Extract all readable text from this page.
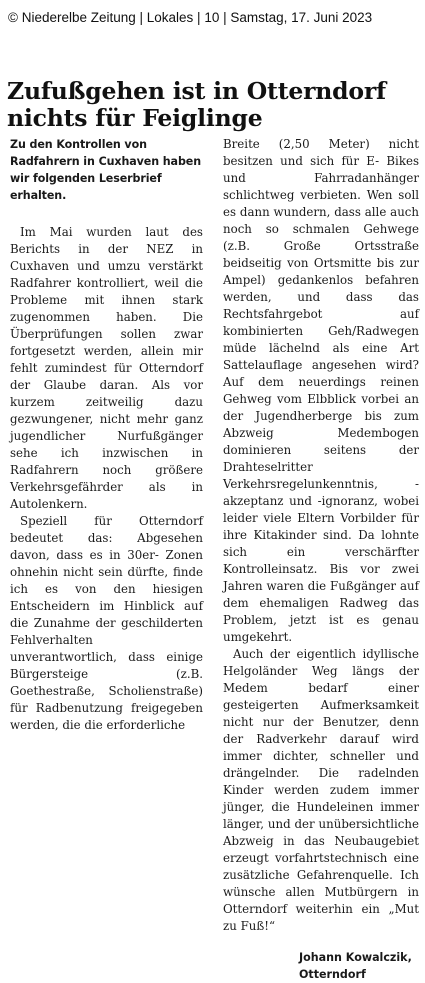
© Niederelbe Zeitung | Lokales | 10 | Samstag, 17. Juni 2023
Zufußgehen ist in Otterndorf nichts für Feiglinge

Zu den Kontrollen von Radfahrern in Cuxhaven haben wir folgenden Leserbrief erhalten.

Im Mai wurden laut des Berichts in der NEZ in Cuxhaven und umzu verstärkt Radfahrer kontrolliert, weil die Probleme mit ihnen stark zugenommen haben. Die Überprüfungen sollen zwar fortgesetzt werden, allein mir fehlt zumindest für Otterndorf der Glaube daran. Als vor kurzem zeitweilig dazu gezwungener, nicht mehr ganz jugendlicher Nurfußgänger sehe ich inzwischen in Radfahrern noch größere Verkehrsgefährder als in Autolenkern.

Speziell für Otterndorf bedeutet das: Abgesehen davon, dass es in 30er- Zonen ohnehin nicht sein dürfte, finde ich es von den hiesigen Entscheidern im Hinblick auf die Zunahme der geschilderten Fehlverhalten unverantwortlich, dass einige Bürgersteige (z.B. Goethestraße, Scholienstraße) für Radbenutzung freigegeben werden, die die erforderliche

Breite (2,50 Meter) nicht besitzen und sich für E- Bikes und Fahrradanhänger schlichtweg verbieten. Wen soll es dann wundern, dass alle auch noch so schmalen Gehwege (z.B. Große Ortsstraße beidseitig von Ortsmitte bis zur Ampel) gedankenlos befahren werden, und dass das Rechtsfahrgebot auf kombinierten Geh/Radwegen müde lächelnd als eine Art Sattelauflage angesehen wird? Auf dem neuerdings reinen Gehweg vom Elbblick vorbei an der Jugendherberge bis zum Abzweig Medembogen dominieren seitens der Drahteselritter Verkehrsregelunkenntnis, -akzeptanz und -ignoranz, wobei leider viele Eltern Vorbilder für ihre Kitakinder sind. Da lohnte sich ein verschärfter Kontrolleinsatz. Bis vor zwei Jahren waren die Fußgänger auf dem ehemaligen Radweg das Problem, jetzt ist es genau umgekehrt.

Auch der eigentlich idyllische Helgoländer Weg längs der Medem bedarf einer gesteigerten Aufmerksamkeit nicht nur der Benutzer, denn der Radverkehr darauf wird immer dichter, schneller und drängelnder. Die radelnden Kinder werden zudem immer jünger, die Hundeleinen immer länger, und der unübersichtliche Abzweig in das Neubaugebiet erzeugt vorfahrtstechnisch eine zusätzliche Gefahrenquelle. Ich wünsche allen Mutbürgern in Otterndorf weiterhin ein „Mut zu Fuß!“

Johann Kowalczik,
Otterndorf
